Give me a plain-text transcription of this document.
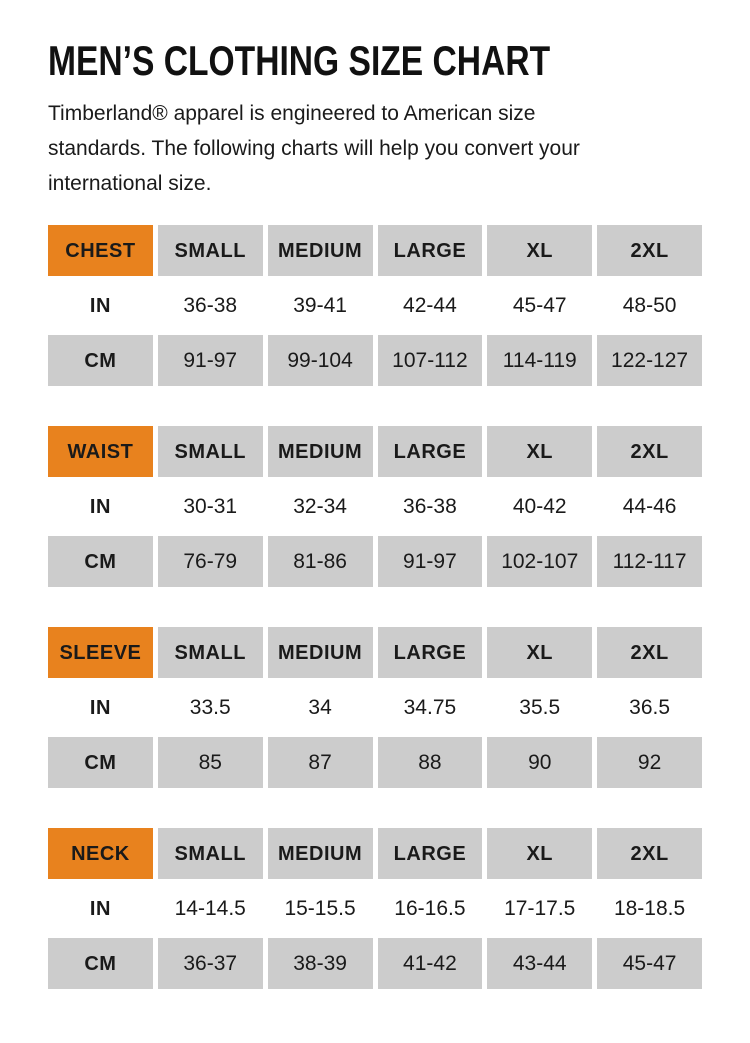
MEN’S CLOTHING SIZE CHART
Timberland® apparel is engineered to American size
standards. The following charts will help you convert your
international size.
CHEST	SMALL	MEDIUM	LARGE	XL	2XL
IN	36-38	39-41	42-44	45-47	48-50
CM	91-97	99-104	107-112	114-119	122-127
WAIST	SMALL	MEDIUM	LARGE	XL	2XL
IN	30-31	32-34	36-38	40-42	44-46
CM	76-79	81-86	91-97	102-107	112-117
SLEEVE	SMALL	MEDIUM	LARGE	XL	2XL
IN	33.5	34	34.75	35.5	36.5
CM	85	87	88	90	92
NECK	SMALL	MEDIUM	LARGE	XL	2XL
IN	14-14.5	15-15.5	16-16.5	17-17.5	18-18.5
CM	36-37	38-39	41-42	43-44	45-47
